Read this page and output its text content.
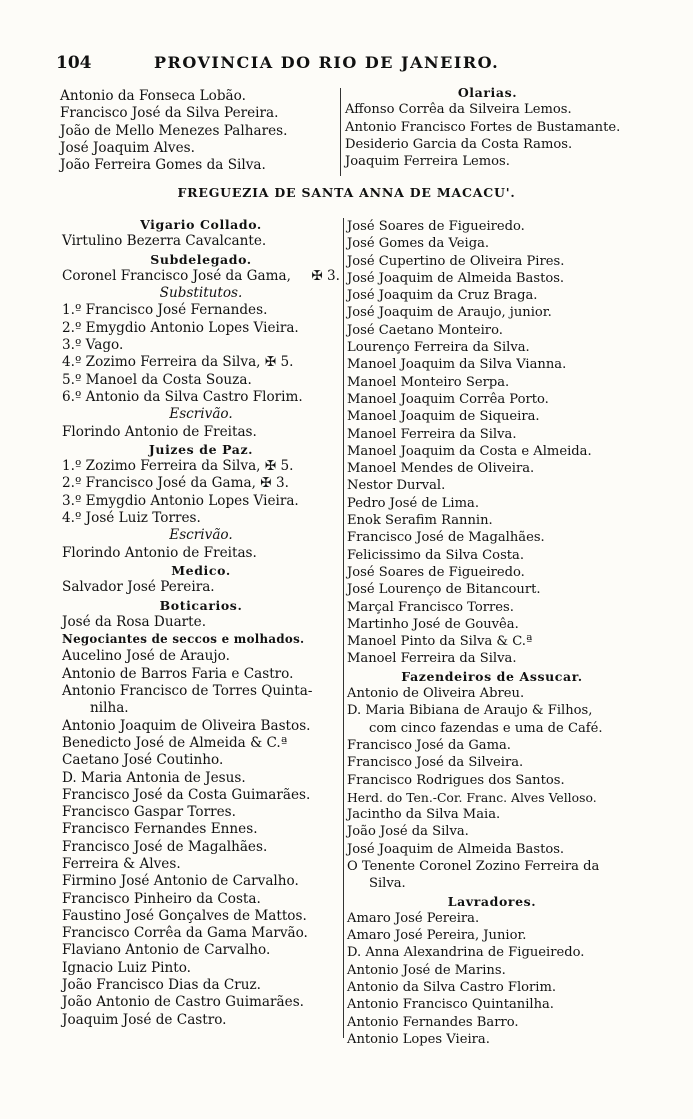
104	PROVINCIA DO RIO DE JANEIRO.
Antonio da Fonseca Lobão.
Francisco José da Silva Pereira.
João de Mello Menezes Palhares.
José Joaquim Alves.
João Ferreira Gomes da Silva.
Olarias.
Affonso Corrêa da Silveira Lemos.
Antonio Francisco Fortes de Bustamante.
Desiderio Garcia da Costa Ramos.
Joaquim Ferreira Lemos.
FREGUEZIA DE SANTA ANNA DE MACACU'.
Vigario Collado.
Virtulino Bezerra Cavalcante.
Subdelegado.
Coronel Francisco José da Gama, ✠ 3.
Substitutos.
1.º Francisco José Fernandes.
2.º Emygdio Antonio Lopes Vieira.
3.º Vago.
4.º Zozimo Ferreira da Silva, ✠ 5.
5.º Manoel da Costa Souza.
6.º Antonio da Silva Castro Florim.
Escrivão.
Florindo Antonio de Freitas.
Juizes de Paz.
1.º Zozimo Ferreira da Silva, ✠ 5.
2.º Francisco José da Gama, ✠ 3.
3.º Emygdio Antonio Lopes Vieira.
4.º José Luiz Torres.
Escrivão.
Florindo Antonio de Freitas.
Medico.
Salvador José Pereira.
Boticarios.
José da Rosa Duarte.
Negociantes de seccos e molhados.
Aucelino José de Araujo.
Antonio de Barros Faria e Castro.
Antonio Francisco de Torres Quinta-
nilha.
Antonio Joaquim de Oliveira Bastos.
Benedicto José de Almeida & C.ª
Caetano José Coutinho.
D. Maria Antonia de Jesus.
Francisco José da Costa Guimarães.
Francisco Gaspar Torres.
Francisco Fernandes Ennes.
Francisco José de Magalhães.
Ferreira & Alves.
Firmino José Antonio de Carvalho.
Francisco Pinheiro da Costa.
Faustino José Gonçalves de Mattos.
Francisco Corrêa da Gama Marvão.
Flaviano Antonio de Carvalho.
Ignacio Luiz Pinto.
João Francisco Dias da Cruz.
João Antonio de Castro Guimarães.
Joaquim José de Castro.
José Soares de Figueiredo.
José Gomes da Veiga.
José Cupertino de Oliveira Pires.
José Joaquim de Almeida Bastos.
José Joaquim da Cruz Braga.
José Joaquim de Araujo, junior.
José Caetano Monteiro.
Lourenço Ferreira da Silva.
Manoel Joaquim da Silva Vianna.
Manoel Monteiro Serpa.
Manoel Joaquim Corrêa Porto.
Manoel Joaquim de Siqueira.
Manoel Ferreira da Silva.
Manoel Joaquim da Costa e Almeida.
Manoel Mendes de Oliveira.
Nestor Durval.
Pedro José de Lima.
Enok Serafim Rannin.
Francisco José de Magalhães.
Felicissimo da Silva Costa.
José Soares de Figueiredo.
José Lourenço de Bitancourt.
Marçal Francisco Torres.
Martinho José de Gouvêa.
Manoel Pinto da Silva & C.ª
Manoel Ferreira da Silva.
Fazendeiros de Assucar.
Antonio de Oliveira Abreu.
D. Maria Bibiana de Araujo & Filhos,
com cinco fazendas e uma de Café.
Francisco José da Gama.
Francisco José da Silveira.
Francisco Rodrigues dos Santos.
Herd. do Ten.-Cor. Franc. Alves Velloso.
Jacintho da Silva Maia.
João José da Silva.
José Joaquim de Almeida Bastos.
O Tenente Coronel Zozino Ferreira da
Silva.
Lavradores.
Amaro José Pereira.
Amaro José Pereira, Junior.
D. Anna Alexandrina de Figueiredo.
Antonio José de Marins.
Antonio da Silva Castro Florim.
Antonio Francisco Quintanilha.
Antonio Fernandes Barro.
Antonio Lopes Vieira.
